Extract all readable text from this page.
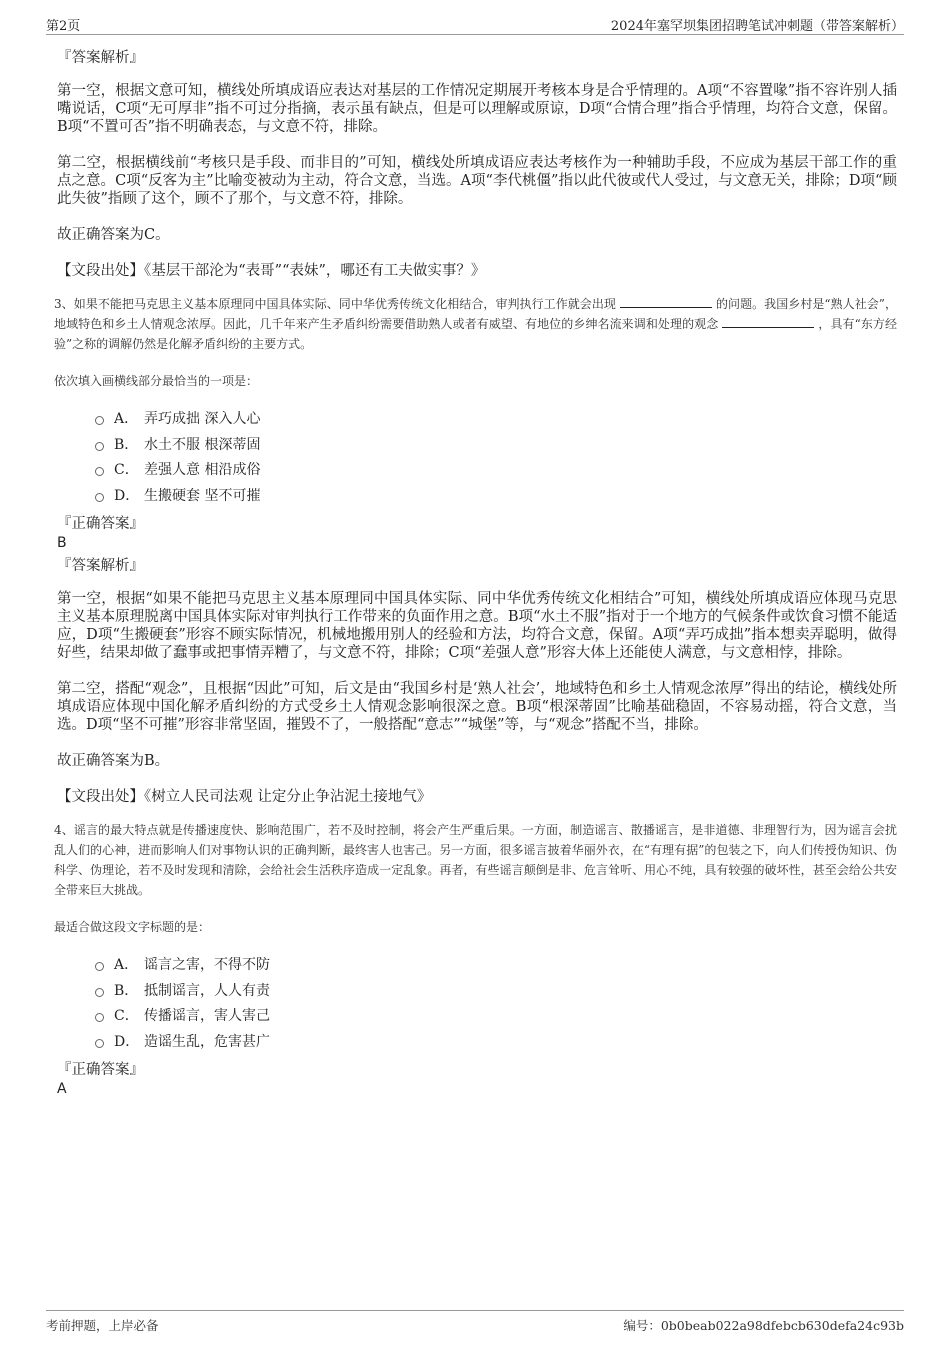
第2页	2024年塞罕坝集团招聘笔试冲刺题（带答案解析）
『答案解析』

第一空，根据文意可知，横线处所填成语应表达对基层的工作情况定期展开考核本身是合乎情理的。A项“不容置喙”指不容许别人插嘴说话，C项“无可厚非”指不可过分指摘，表示虽有缺点，但是可以理解或原谅，D项“合情合理”指合乎情理，均符合文意，保留。B项“不置可否”指不明确表态，与文意不符，排除。

第二空，根据横线前“考核只是手段、而非目的”可知，横线处所填成语应表达考核作为一种辅助手段，不应成为基层干部工作的重点之意。C项“反客为主”比喻变被动为主动，符合文意，当选。A项“李代桃僵”指以此代彼或代人受过，与文意无关，排除；D项“顾此失彼”指顾了这个，顾不了那个，与文意不符，排除。

故正确答案为C。

【文段出处】《基层干部沦为“表哥”“表妹”，哪还有工夫做实事？》

3、如果不能把马克思主义基本原理同中国具体实际、同中华优秀传统文化相结合，审判执行工作就会出现	的问题。我国乡村是“熟人社会”，地域特色和乡土人情观念浓厚。因此，几千年来产生矛盾纠纷需要借助熟人或者有威望、有地位的乡绅名流来调和处理的观念	，具有“东方经验”之称的调解仍然是化解矛盾纠纷的主要方式。

依次填入画横线部分最恰当的一项是：

A． 弄巧成拙 深入人心
B． 水土不服 根深蒂固
C． 差强人意 相沿成俗
D． 生搬硬套 坚不可摧
『正确答案』
B
『答案解析』

第一空，根据“如果不能把马克思主义基本原理同中国具体实际、同中华优秀传统文化相结合”可知，横线处所填成语应体现马克思主义基本原理脱离中国具体实际对审判执行工作带来的负面作用之意。B项“水土不服”指对于一个地方的气候条件或饮食习惯不能适应，D项“生搬硬套”形容不顾实际情况，机械地搬用别人的经验和方法，均符合文意，保留。A项“弄巧成拙”指本想卖弄聪明，做得好些，结果却做了蠢事或把事情弄糟了，与文意不符，排除；C项“差强人意”形容大体上还能使人满意，与文意相悖，排除。

第二空，搭配“观念”，且根据“因此”可知，后文是由“我国乡村是‘熟人社会’，地域特色和乡土人情观念浓厚”得出的结论，横线处所填成语应体现中国化解矛盾纠纷的方式受乡土人情观念影响很深之意。B项“根深蒂固”比喻基础稳固，不容易动摇，符合文意，当选。D项“坚不可摧”形容非常坚固，摧毁不了，一般搭配“意志”“城堡”等，与“观念”搭配不当，排除。

故正确答案为B。

【文段出处】《树立人民司法观 让定分止争沾泥土接地气》

4、谣言的最大特点就是传播速度快、影响范围广，若不及时控制，将会产生严重后果。一方面，制造谣言、散播谣言，是非道德、非理智行为，因为谣言会扰乱人们的心神，进而影响人们对事物认识的正确判断，最终害人也害己。另一方面，很多谣言披着华丽外衣，在“有理有据”的包装之下，向人们传授伪知识、伪科学、伪理论，若不及时发现和清除，会给社会生活秩序造成一定乱象。再者，有些谣言颠倒是非、危言耸听、用心不纯，具有较强的破坏性，甚至会给公共安全带来巨大挑战。

最适合做这段文字标题的是：

A． 谣言之害，不得不防
B． 抵制谣言，人人有责
C． 传播谣言，害人害己
D． 造谣生乱，危害甚广
『正确答案』
A
考前押题，上岸必备	编号：0b0beab022a98dfebcb630defa24c93b
